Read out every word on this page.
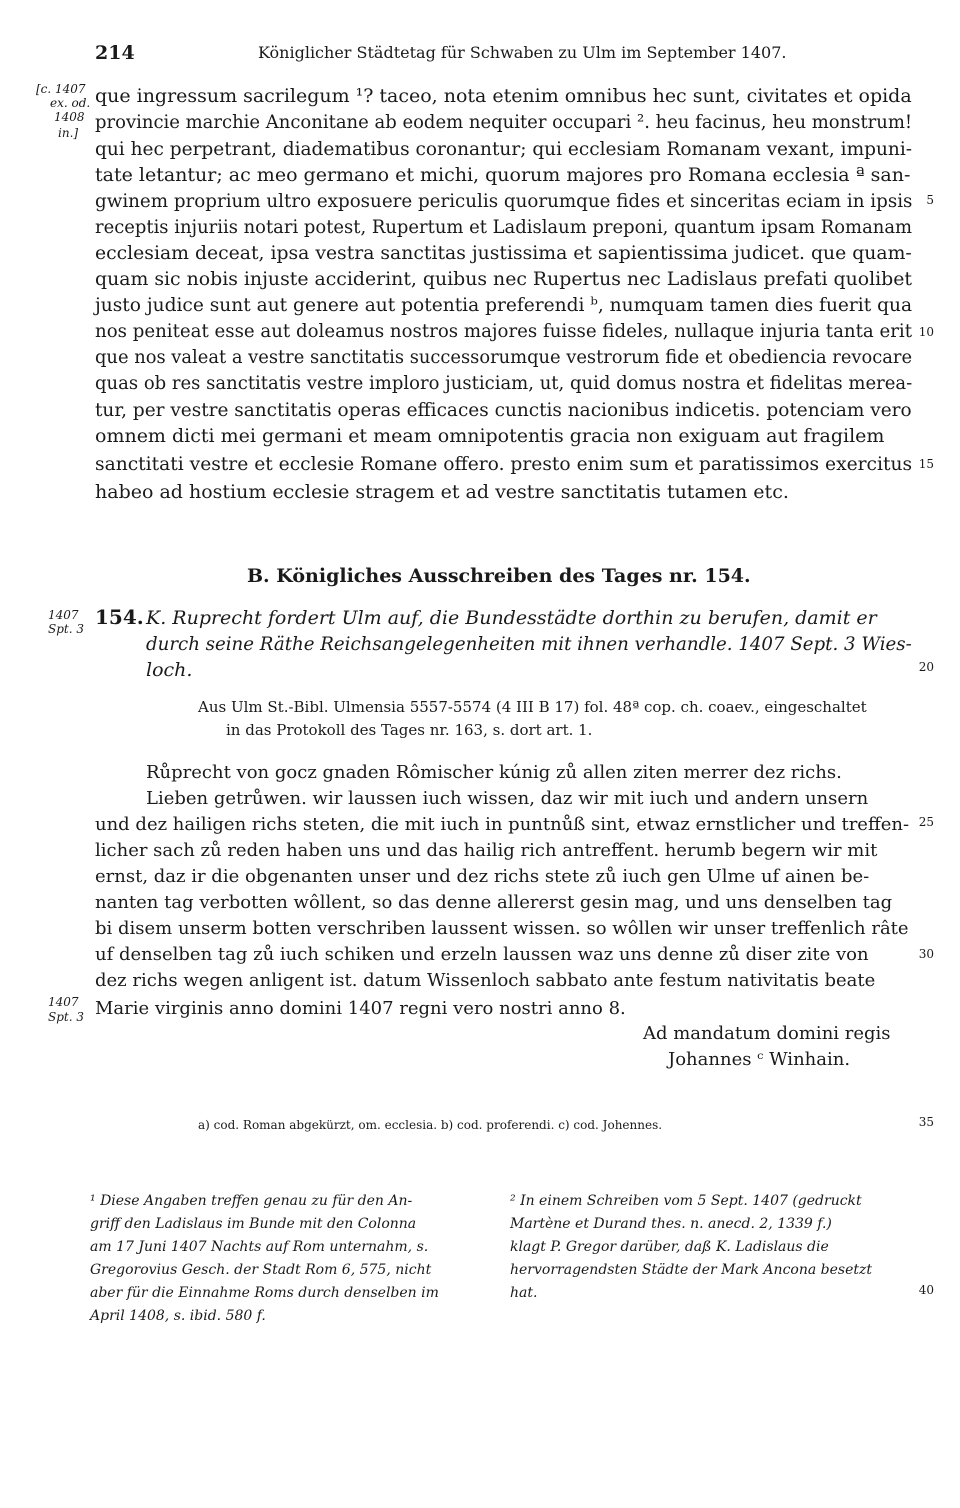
214	Königlicher Städtetag für Schwaben zu Ulm im September 1407.
[c. 1407
ex. od.
1408
in.]
que ingressum sacrilegum ¹? taceo, nota etenim omnibus hec sunt, civitates et opida
provincie marchie Anconitane ab eodem nequiter occupari ². heu facinus, heu monstrum!
qui hec perpetrant, diadematibus coronantur; qui ecclesiam Romanam vexant, impuni-
tate letantur; ac meo germano et michi, quorum majores pro Romana ecclesia ª san-
gwinem proprium ultro exposuere periculis quorumque fides et sinceritas eciam in ipsis
receptis injuriis notari potest, Rupertum et Ladislaum preponi, quantum ipsam Romanam
ecclesiam deceat, ipsa vestra sanctitas justissima et sapientissima judicet. que quam-
quam sic nobis injuste acciderint, quibus nec Rupertus nec Ladislaus prefati quolibet
justo judice sunt aut genere aut potentia preferendi ᵇ, numquam tamen dies fuerit qua
nos peniteat esse aut doleamus nostros majores fuisse fideles, nullaque injuria tanta erit
que nos valeat a vestre sanctitatis successorumque vestrorum fide et obediencia revocare
quas ob res sanctitatis vestre imploro justiciam, ut, quid domus nostra et fidelitas merea-
tur, per vestre sanctitatis operas efficaces cunctis nacionibus indicetis. potenciam vero
omnem dicti mei germani et meam omnipotentis gracia non exiguam aut fragilem
sanctitati vestre et ecclesie Romane offero. presto enim sum et paratissimos exercitus
habeo ad hostium ecclesie stragem et ad vestre sanctitatis tutamen etc.
5
10
15
20
25
30
35
40
B. Königliches Ausschreiben des Tages nr. 154.
1407
Spt. 3 154. K. Ruprecht fordert Ulm auf, die Bundesstädte dorthin zu berufen, damit er
durch seine Räthe Reichsangelegenheiten mit ihnen verhandle. 1407 Sept. 3 Wies-
loch.
Aus Ulm St.-Bibl. Ulmensia 5557-5574 (4 III B 17) fol. 48ª cop. ch. coaev., eingeschaltet
in das Protokoll des Tages nr. 163, s. dort art. 1.
Růprecht von gocz gnaden Rômischer kúnig zů allen ziten merrer dez richs.
Lieben getrůwen. wir laussen iuch wissen, daz wir mit iuch und andern unsern
und dez hailigen richs steten, die mit iuch in puntnůß sint, etwaz ernstlicher und treffen-
licher sach zů reden haben uns und das hailig rich antreffent. herumb begern wir mit
ernst, daz ir die obgenanten unser und dez richs stete zů iuch gen Ulme uf ainen be-
nanten tag verbotten wôllent, so das denne allererst gesin mag, und uns denselben tag
bi disem unserm botten verschriben laussent wissen. so wôllen wir unser treffenlich râte
uf denselben tag zů iuch schiken und erzeln laussen waz uns denne zů diser zite von
dez richs wegen anligent ist. datum Wissenloch sabbato ante festum nativitatis beate
Marie virginis anno domini 1407 regni vero nostri anno 8.
1407
Spt. 3
Ad mandatum domini regis
Johannes ᶜ Winhain.
a) cod. Roman abgekürzt, om. ecclesia. b) cod. proferendi. c) cod. Johennes.
¹ Diese Angaben treffen genau zu für den An-
griff den Ladislaus im Bunde mit den Colonna
am 17 Juni 1407 Nachts auf Rom unternahm, s.
Gregorovius Gesch. der Stadt Rom 6, 575, nicht
aber für die Einnahme Roms durch denselben im
April 1408, s. ibid. 580 f.
² In einem Schreiben vom 5 Sept. 1407 (gedruckt
Martène et Durand thes. n. anecd. 2, 1339 f.)
klagt P. Gregor darüber, daß K. Ladislaus die
hervorragendsten Städte der Mark Ancona besetzt
hat.
